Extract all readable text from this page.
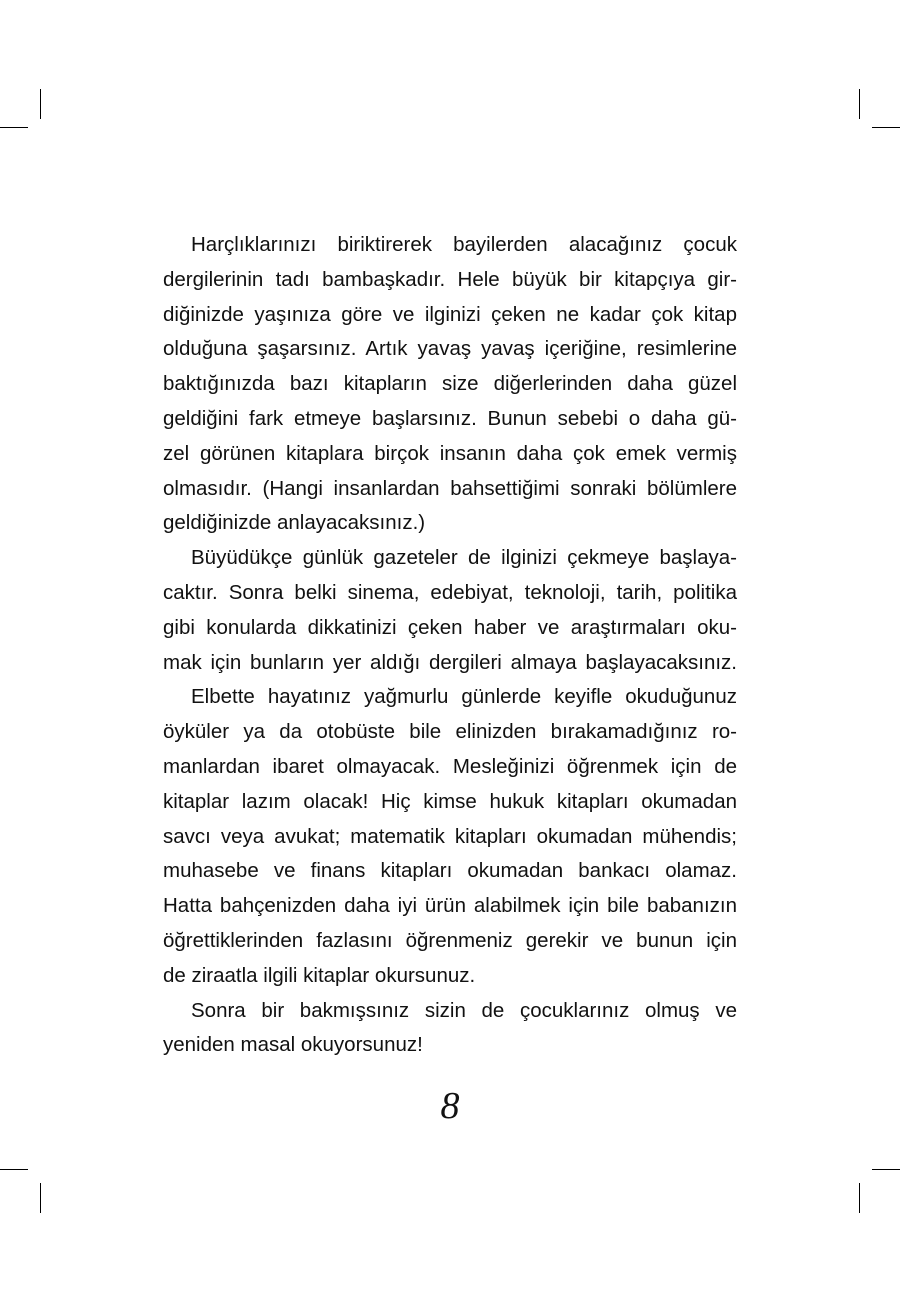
Harçlıklarınızı biriktirerek bayilerden alacağınız çocuk
dergilerinin tadı bambaşkadır. Hele büyük bir kitapçıya gir-
diğinizde yaşınıza göre ve ilginizi çeken ne kadar çok kitap
olduğuna şaşarsınız. Artık yavaş yavaş içeriğine, resimlerine
baktığınızda bazı kitapların size diğerlerinden daha güzel
geldiğini fark etmeye başlarsınız. Bunun sebebi o daha gü-
zel görünen kitaplara birçok insanın daha çok emek vermiş
olmasıdır. (Hangi insanlardan bahsettiğimi sonraki bölümlere
geldiğinizde anlayacaksınız.)
Büyüdükçe günlük gazeteler de ilginizi çekmeye başlaya-
caktır. Sonra belki sinema, edebiyat, teknoloji, tarih, politika
gibi konularda dikkatinizi çeken haber ve araştırmaları oku-
mak için bunların yer aldığı dergileri almaya başlayacaksınız.
Elbette hayatınız yağmurlu günlerde keyifle okuduğunuz
öyküler ya da otobüste bile elinizden bırakamadığınız ro-
manlardan ibaret olmayacak. Mesleğinizi öğrenmek için de
kitaplar lazım olacak! Hiç kimse hukuk kitapları okumadan
savcı veya avukat; matematik kitapları okumadan mühendis;
muhasebe ve finans kitapları okumadan bankacı olamaz.
Hatta bahçenizden daha iyi ürün alabilmek için bile babanızın
öğrettiklerinden fazlasını öğrenmeniz gerekir ve bunun için
de ziraatla ilgili kitaplar okursunuz.
Sonra bir bakmışsınız sizin de çocuklarınız olmuş ve
yeniden masal okuyorsunuz!
8
